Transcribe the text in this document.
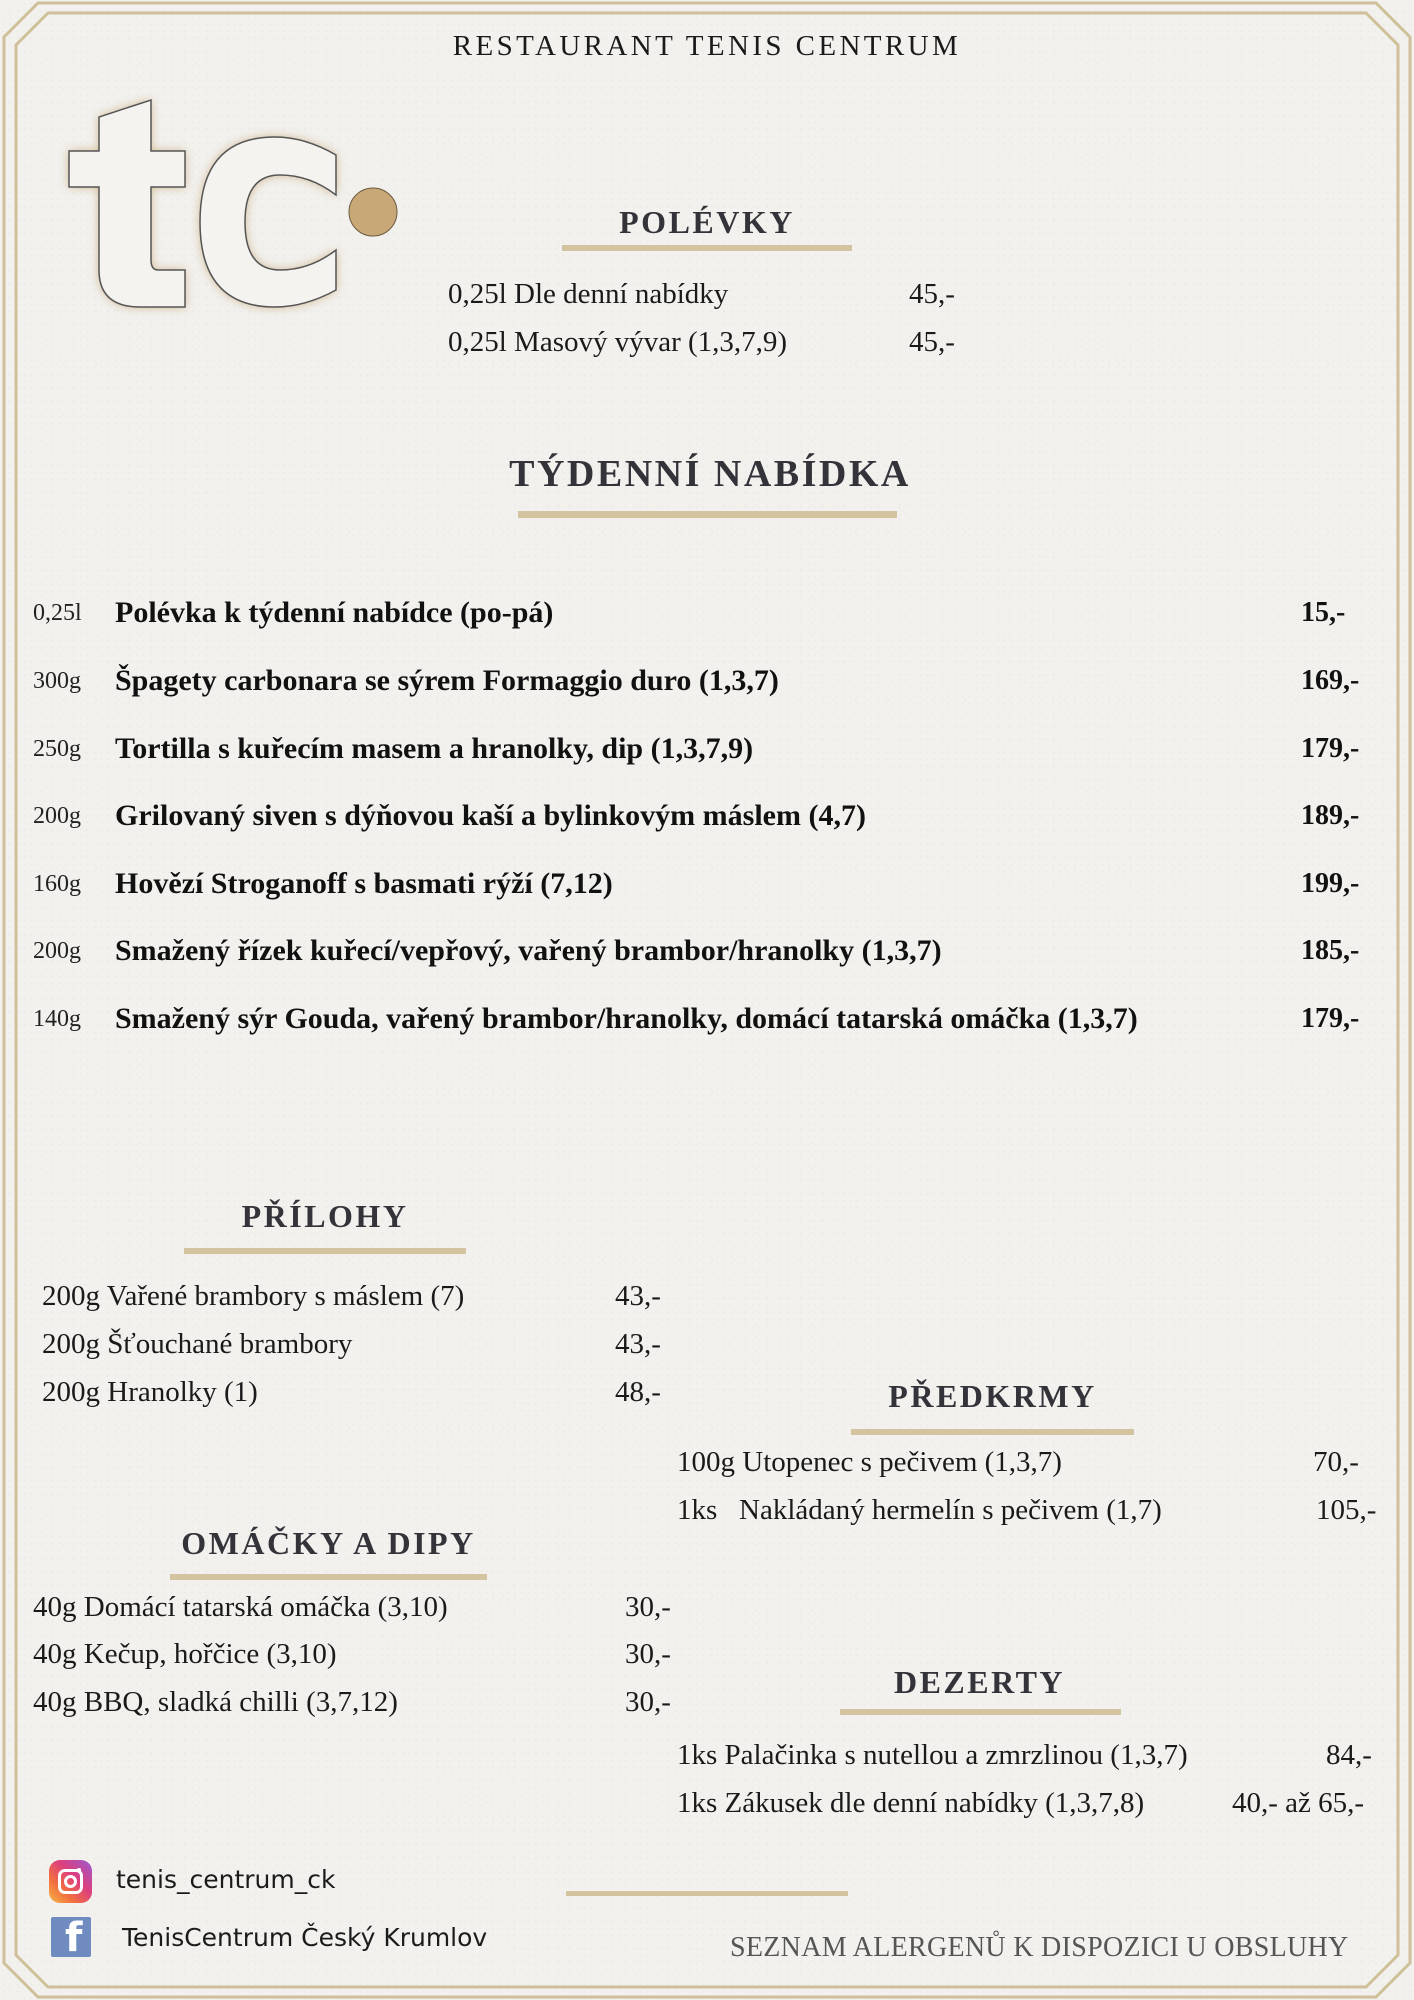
RESTAURANT TENIS CENTRUM
POLÉVKY
0,25l Dle denní nabídky	45,-
0,25l Masový vývar (1,3,7,9)	45,-
TÝDENNÍ NABÍDKA
0,25l Polévka k týdenní nabídce (po-pá)	15,-
300g Špagety carbonara se sýrem Formaggio duro (1,3,7)	169,-
250g Tortilla s kuřecím masem a hranolky, dip (1,3,7,9)	179,-
200g Grilovaný siven s dýňovou kaší a bylinkovým máslem (4,7)	189,-
160g Hovězí Stroganoff s basmati rýží (7,12)	199,-
200g Smažený řízek kuřecí/vepřový, vařený brambor/hranolky (1,3,7)	185,-
140g Smažený sýr Gouda, vařený brambor/hranolky, domácí tatarská omáčka (1,3,7)	179,-
PŘÍLOHY
200g Vařené brambory s máslem (7)	43,-
200g Šťouchané brambory	43,-
200g Hranolky (1)	48,-	PŘEDKRMY
100g Utopenec s pečivem (1,3,7)	70,-
1ks   Nakládaný hermelín s pečivem (1,7)	105,-
OMÁČKY A DIPY
40g Domácí tatarská omáčka (3,10)	30,-
40g Kečup, hořčice (3,10)	30,-
40g BBQ, sladká chilli (3,7,12)	30,-
DEZERTY
1ks Palačinka s nutellou a zmrzlinou (1,3,7)	84,-
1ks Zákusek dle denní nabídky (1,3,7,8)	40,- až 65,-
tenis_centrum_ck
f TenisCentrum Český Krumlov	SEZNAM ALERGENŮ K DISPOZICI U OBSLUHY
